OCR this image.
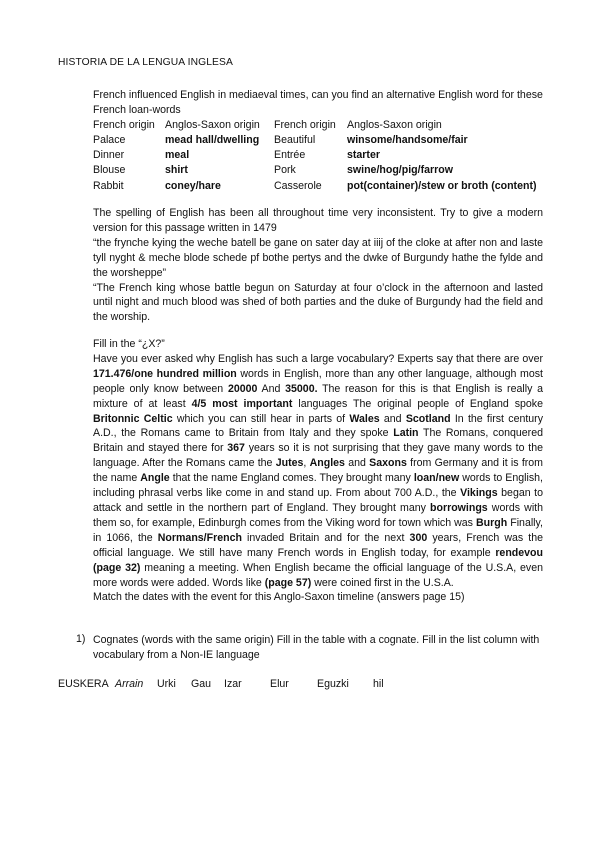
HISTORIA DE LA LENGUA INGLESA

French influenced English in mediaeval times, can you find an alternative English word for these French loan-words

French origin	Anglos-Saxon origin	French origin	Anglos-Saxon origin
Palace	mead hall/dwelling	Beautiful	winsome/handsome/fair
Dinner	meal	Entrée	starter
Blouse	shirt	Pork	swine/hog/pig/farrow
Rabbit	coney/hare	Casserole	pot(container)/stew or broth (content)

The spelling of English has been all throughout time very inconsistent. Try to give a modern version for this passage written in 1479

“the frynche kying the weche batell be gane on sater day at iiij of the cloke at after non and laste tyll nyght & meche blode schede pf bothe pertys and the dwke of Burgundy hathe the fylde and the worsheppe”

“The French king whose battle begun on Saturday at four o’clock in the afternoon and lasted until night and much blood was shed of both parties and the duke of Burgundy had the field and the worship.

Fill in the “¿X?”

Have you ever asked why English has such a large vocabulary? Experts say that there are over 171.476/one hundred million words in English, more than any other language, although most people only know between 20000 And 35000. The reason for this is that English is really a mixture of at least 4/5 most important languages The original people of England spoke Britonnic Celtic which you can still hear in parts of Wales and Scotland In the first century A.D., the Romans came to Britain from Italy and they spoke Latin The Romans, conquered Britain and stayed there for 367 years so it is not surprising that they gave many words to the language. After the Romans came the Jutes, Angles and Saxons from Germany and it is from the name Angle that the name England comes. They brought many loan/new words to English, including phrasal verbs like come in and stand up. From about 700 A.D., the Vikings began to attack and settle in the northern part of England. They brought many borrowings words with them so, for example, Edinburgh comes from the Viking word for town which was Burgh Finally, in 1066, the Normans/French invaded Britain and for the next 300 years, French was the official language. We still have many French words in English today, for example rendevou (page 32) meaning a meeting. When English became the official language of the U.S.A, even more words were added. Words like (page 57) were coined first in the U.S.A.

Match the dates with the event for this Anglo-Saxon timeline (answers page 15)

1) Cognates (words with the same origin) Fill in the table with a cognate. Fill in the list column with vocabulary from a Non-IE language
EUSKERA Arrain Urki Gau Izar	Elur	Eguzki hil
